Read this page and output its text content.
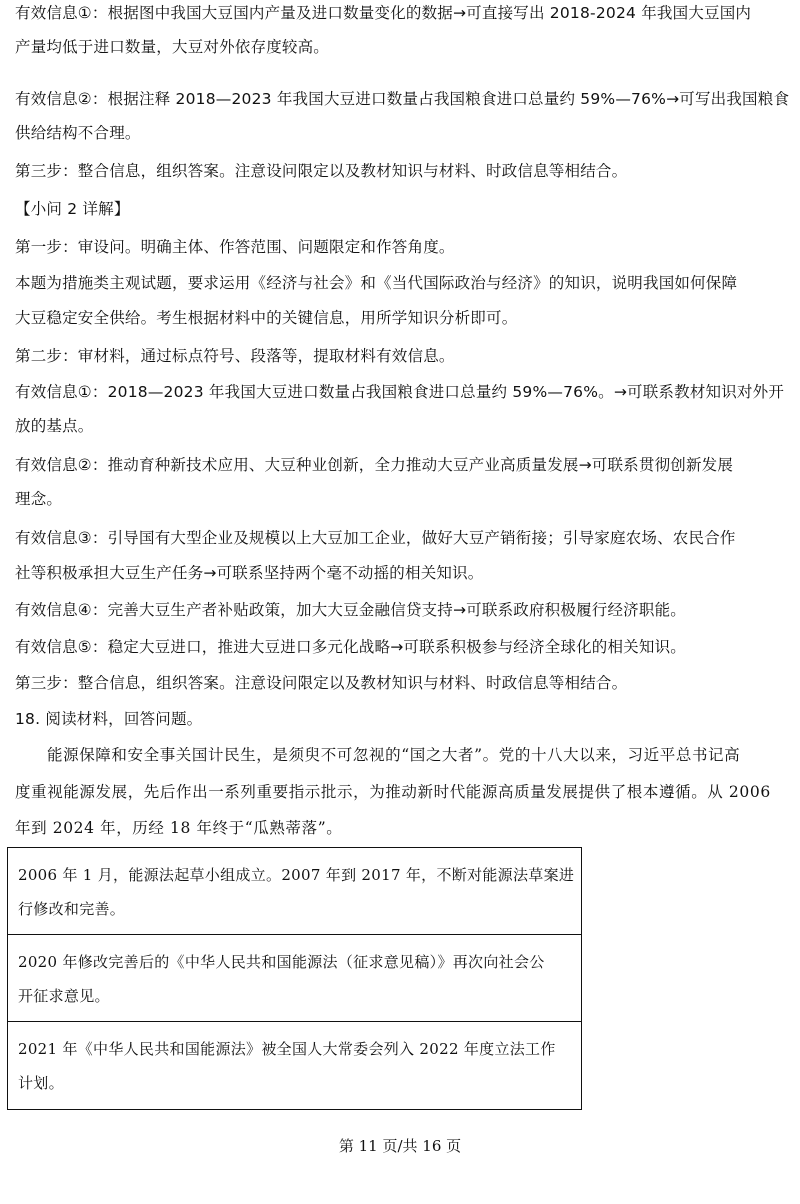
有效信息①：根据图中我国大豆国内产量及进口数量变化的数据→可直接写出 2018-2024 年我国大豆国内
产量均低于进口数量，大豆对外依存度较高。
有效信息②：根据注释 2018—2023 年我国大豆进口数量占我国粮食进口总量约 59%—76%→可写出我国粮食
供给结构不合理。
第三步：整合信息，组织答案。注意设问限定以及教材知识与材料、时政信息等相结合。
【小问 2 详解】
第一步：审设问。明确主体、作答范围、问题限定和作答角度。
本题为措施类主观试题，要求运用《经济与社会》和《当代国际政治与经济》的知识，说明我国如何保障
大豆稳定安全供给。考生根据材料中的关键信息，用所学知识分析即可。
第二步：审材料，通过标点符号、段落等，提取材料有效信息。
有效信息①：2018—2023 年我国大豆进口数量占我国粮食进口总量约 59%—76%。→可联系教材知识对外开
放的基点。
有效信息②：推动育种新技术应用、大豆种业创新，全力推动大豆产业高质量发展→可联系贯彻创新发展
理念。
有效信息③：引导国有大型企业及规模以上大豆加工企业，做好大豆产销衔接；引导家庭农场、农民合作
社等积极承担大豆生产任务→可联系坚持两个毫不动摇的相关知识。
有效信息④：完善大豆生产者补贴政策，加大大豆金融信贷支持→可联系政府积极履行经济职能。
有效信息⑤：稳定大豆进口，推进大豆进口多元化战略→可联系积极参与经济全球化的相关知识。
第三步：整合信息，组织答案。注意设问限定以及教材知识与材料、时政信息等相结合。
18. 阅读材料，回答问题。
能源保障和安全事关国计民生，是须臾不可忽视的“国之大者”。党的十八大以来，习近平总书记高
度重视能源发展，先后作出一系列重要指示批示，为推动新时代能源高质量发展提供了根本遵循。从 2006
年到 2024 年，历经 18 年终于“瓜熟蒂落”。

2006 年 1 月，能源法起草小组成立。2007 年到 2017 年，不断对能源法草案进

行修改和完善。

2020 年修改完善后的《中华人民共和国能源法（征求意见稿）》再次向社会公

开征求意见。

2021 年《中华人民共和国能源法》被全国人大常委会列入 2022 年度立法工作

计划。

第 11 页/共 16 页
